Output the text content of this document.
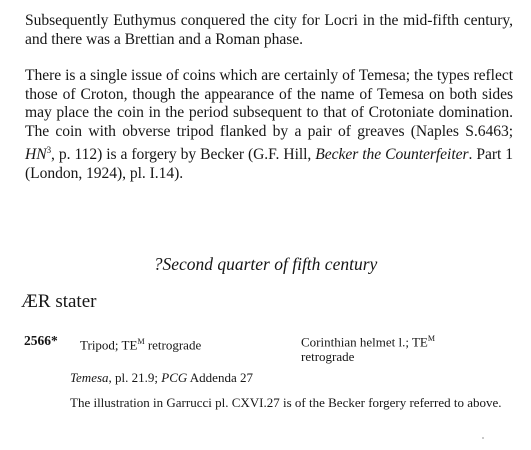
Subsequently Euthymus conquered the city for Locri in the mid-fifth century, and there was a Brettian and a Roman phase.

There is a single issue of coins which are certainly of Temesa; the types reflect those of Croton, though the appearance of the name of Temesa on both sides may place the coin in the period subsequent to that of Crotoniate domination. The coin with obverse tripod flanked by a pair of greaves (Naples S.6463; $HN^3$, p. 112) is a forgery by Becker (G.F. Hill, Becker the Counterfeiter. Part 1 (London, 1924), pl. I.14).

?Second quarter of fifth century

ÆR stater

2566* Tripod; $TE^M$ retrograde	Corinthian helmet l.; $TE^M$
retrograde

Temesa, pl. 21.9; PCG Addenda 27

The illustration in Garrucci pl. CXVI.27 is of the Becker forgery referred to above.
